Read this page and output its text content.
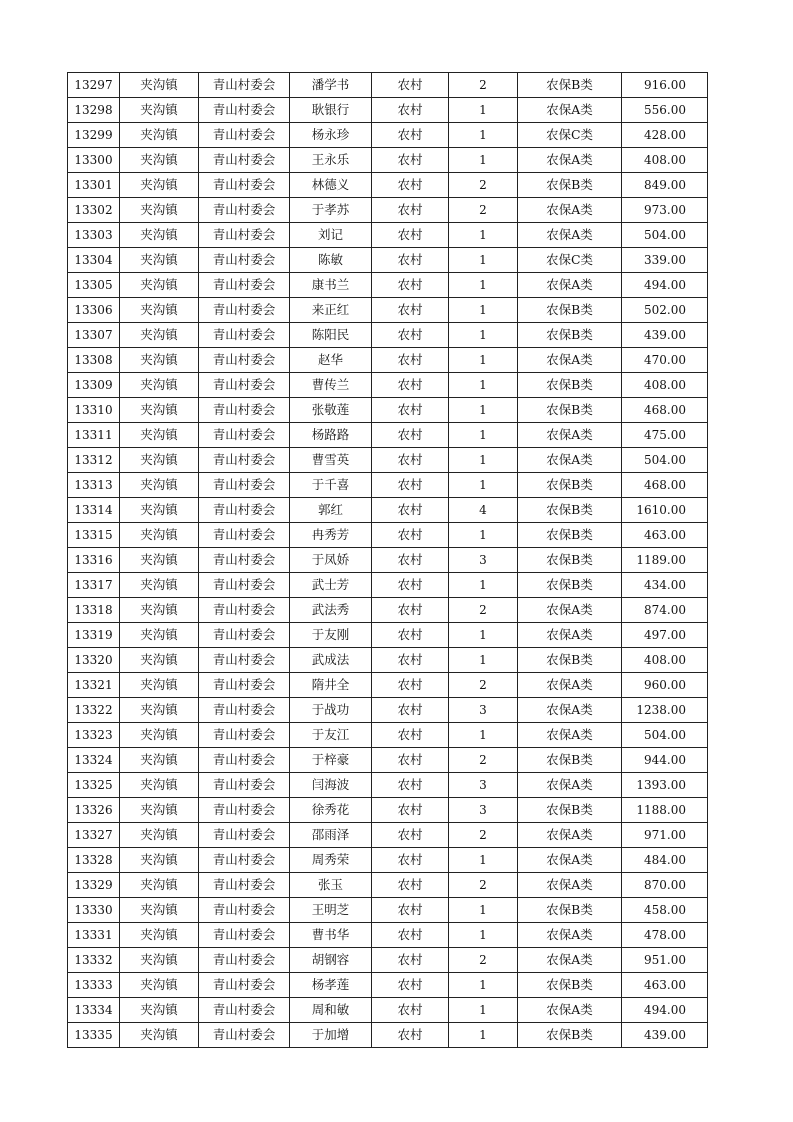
13297	夹沟镇	青山村委会	潘学书	农村	2	农保B类	916.00
13298	夹沟镇	青山村委会	耿银行	农村	1	农保A类	556.00
13299	夹沟镇	青山村委会	杨永珍	农村	1	农保C类	428.00
13300	夹沟镇	青山村委会	王永乐	农村	1	农保A类	408.00
13301	夹沟镇	青山村委会	林德义	农村	2	农保B类	849.00
13302	夹沟镇	青山村委会	于孝苏	农村	2	农保A类	973.00
13303	夹沟镇	青山村委会	刘记	农村	1	农保A类	504.00
13304	夹沟镇	青山村委会	陈敏	农村	1	农保C类	339.00
13305	夹沟镇	青山村委会	康书兰	农村	1	农保A类	494.00
13306	夹沟镇	青山村委会	来正红	农村	1	农保B类	502.00
13307	夹沟镇	青山村委会	陈阳民	农村	1	农保B类	439.00
13308	夹沟镇	青山村委会	赵华	农村	1	农保A类	470.00
13309	夹沟镇	青山村委会	曹传兰	农村	1	农保B类	408.00
13310	夹沟镇	青山村委会	张敬莲	农村	1	农保B类	468.00
13311	夹沟镇	青山村委会	杨路路	农村	1	农保A类	475.00
13312	夹沟镇	青山村委会	曹雪英	农村	1	农保A类	504.00
13313	夹沟镇	青山村委会	于千喜	农村	1	农保B类	468.00
13314	夹沟镇	青山村委会	郭红	农村	4	农保B类	1610.00
13315	夹沟镇	青山村委会	冉秀芳	农村	1	农保B类	463.00
13316	夹沟镇	青山村委会	于凤娇	农村	3	农保B类	1189.00
13317	夹沟镇	青山村委会	武士芳	农村	1	农保B类	434.00
13318	夹沟镇	青山村委会	武法秀	农村	2	农保A类	874.00
13319	夹沟镇	青山村委会	于友刚	农村	1	农保A类	497.00
13320	夹沟镇	青山村委会	武成法	农村	1	农保B类	408.00
13321	夹沟镇	青山村委会	隋井全	农村	2	农保A类	960.00
13322	夹沟镇	青山村委会	于战功	农村	3	农保A类	1238.00
13323	夹沟镇	青山村委会	于友江	农村	1	农保A类	504.00
13324	夹沟镇	青山村委会	于梓豪	农村	2	农保B类	944.00
13325	夹沟镇	青山村委会	闫海波	农村	3	农保A类	1393.00
13326	夹沟镇	青山村委会	徐秀花	农村	3	农保B类	1188.00
13327	夹沟镇	青山村委会	邵雨泽	农村	2	农保A类	971.00
13328	夹沟镇	青山村委会	周秀荣	农村	1	农保A类	484.00
13329	夹沟镇	青山村委会	张玉	农村	2	农保A类	870.00
13330	夹沟镇	青山村委会	王明芝	农村	1	农保B类	458.00
13331	夹沟镇	青山村委会	曹书华	农村	1	农保A类	478.00
13332	夹沟镇	青山村委会	胡钢容	农村	2	农保A类	951.00
13333	夹沟镇	青山村委会	杨孝莲	农村	1	农保B类	463.00
13334	夹沟镇	青山村委会	周和敏	农村	1	农保A类	494.00
13335	夹沟镇	青山村委会	于加增	农村	1	农保B类	439.00
